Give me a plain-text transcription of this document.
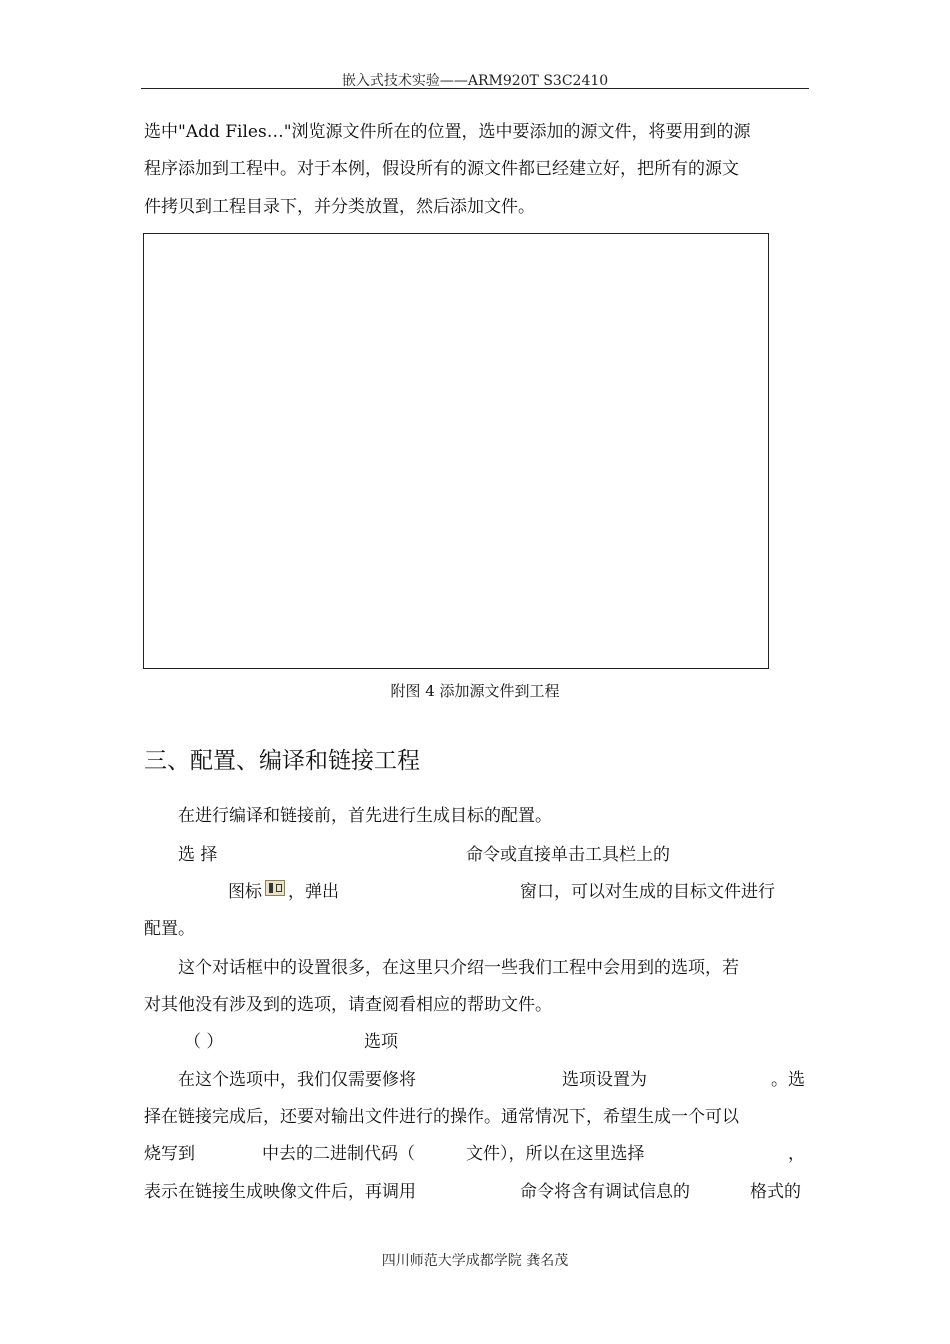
嵌入式技术实验——ARM920T S3C2410
选中"Add Files…"浏览源文件所在的位置，选中要添加的源文件，将要用到的源
程序添加到工程中。对于本例，假设所有的源文件都已经建立好，把所有的源文
件拷贝到工程目录下，并分类放置，然后添加文件。
附图 4 添加源文件到工程
三、配置、编译和链接工程
在进行编译和链接前，首先进行生成目标的配置。
选 择	命令或直接单击工具栏上的
图标 ，弹出	窗口，可以对生成的目标文件进行
配置。
这个对话框中的设置很多，在这里只介绍一些我们工程中会用到的选项，若
对其他没有涉及到的选项，请查阅看相应的帮助文件。
（ ）	选项
在这个选项中，我们仅需要修将	选项设置为	。选
择在链接完成后，还要对输出文件进行的操作。通常情况下，希望生成一个可以
烧写到	中去的二进制代码（	文件），所以在这里选择	，
表示在链接生成映像文件后，再调用	命令将含有调试信息的	格式的
四川师范大学成都学院 龚名茂
